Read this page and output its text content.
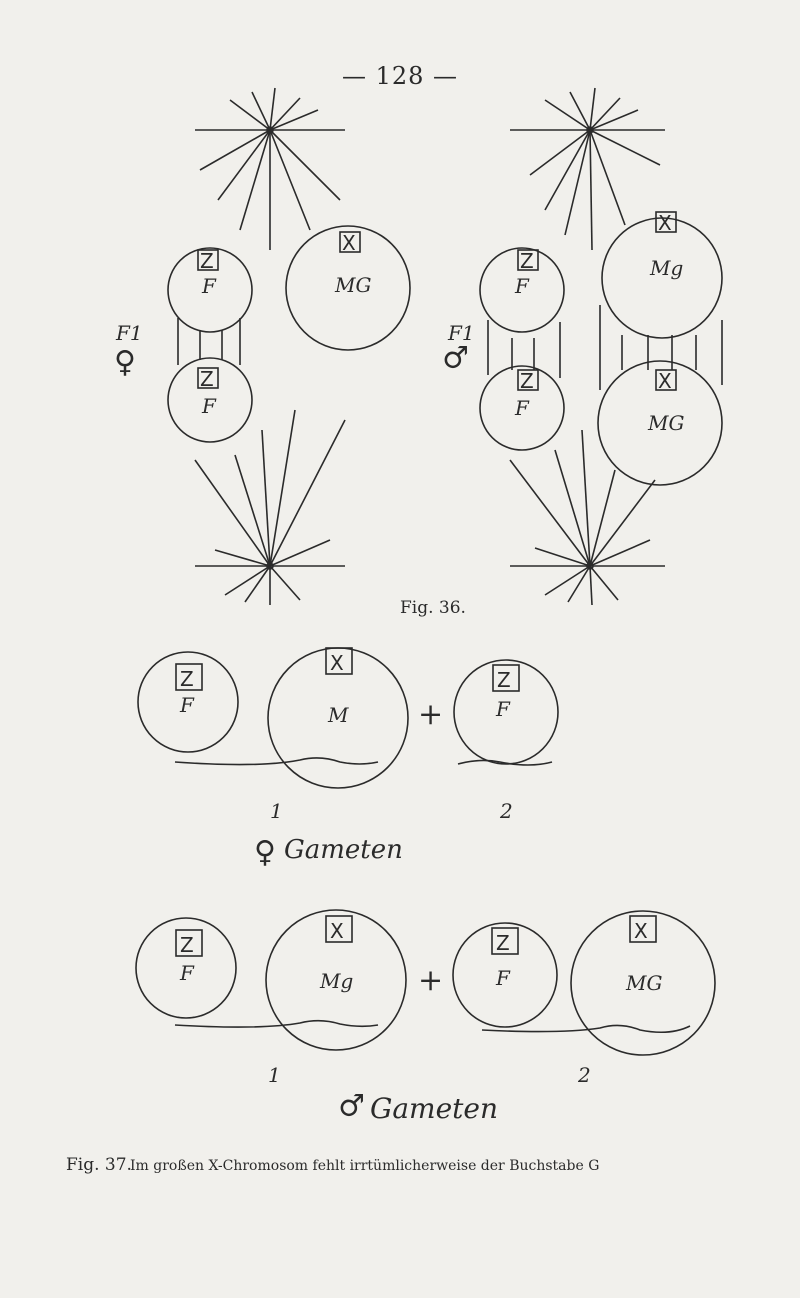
— 128 —
Z
X
Z
Z
X
Z	X
F	MG
F
F
Mg
F
MG
F1
♀
F1
♂
Z
X
Z
F	M	F
Z
X	Z	X
F	Mg	F	MG
+
+
1	2
1	2
♀ Gameten
♂ Gameten
Fig. 36.
Fig. 37.
Im großen X-Chromosom fehlt irrtümlicherweise der Buchstabe G
